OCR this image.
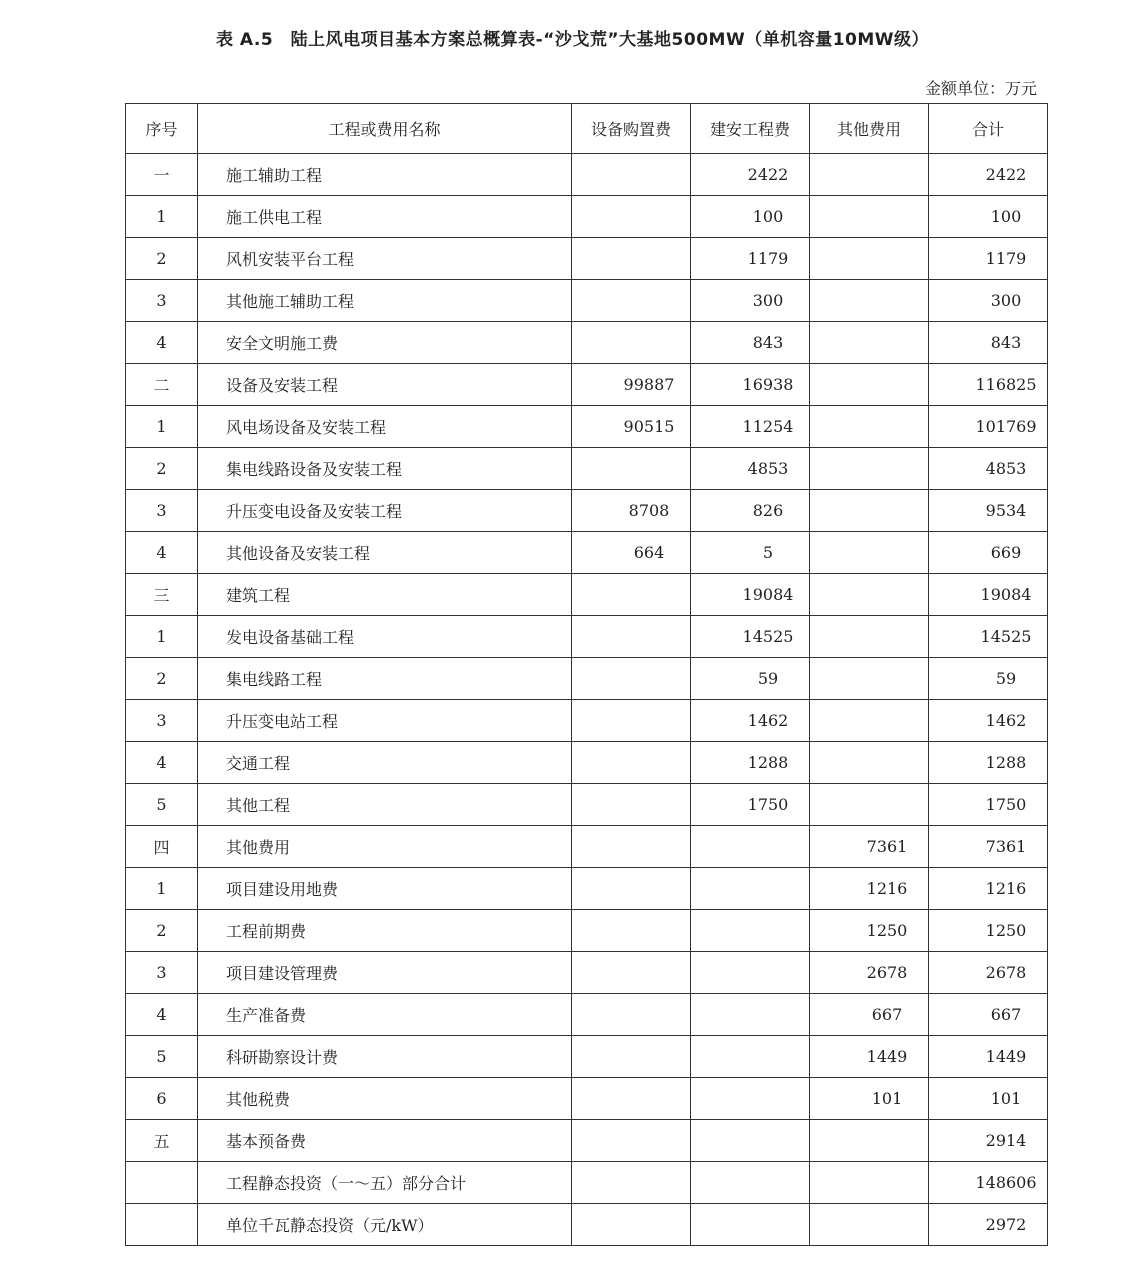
表 A.5　陆上风电项目基本方案总概算表-“沙戈荒”大基地500MW（单机容量10MW级）
金额单位：万元
序号	工程或费用名称	设备购置费	建安工程费	其他费用	合计
一	施工辅助工程		2422		2422
1	施工供电工程		100		100
2	风机安装平台工程		1179		1179
3	其他施工辅助工程		300		300
4	安全文明施工费		843		843
二	设备及安装工程	99887	16938		116825
1	风电场设备及安装工程	90515	11254		101769
2	集电线路设备及安装工程		4853		4853
3	升压变电设备及安装工程	8708	826		9534
4	其他设备及安装工程	664	5		669
三	建筑工程		19084		19084
1	发电设备基础工程		14525		14525
2	集电线路工程		59		59
3	升压变电站工程		1462		1462
4	交通工程		1288		1288
5	其他工程		1750		1750
四	其他费用			7361	7361
1	项目建设用地费			1216	1216
2	工程前期费			1250	1250
3	项目建设管理费			2678	2678
4	生产准备费			667	667
5	科研勘察设计费			1449	1449
6	其他税费			101	101
五	基本预备费				2914
	工程静态投资（一～五）部分合计				148606
	单位千瓦静态投资（元/kW）				2972
